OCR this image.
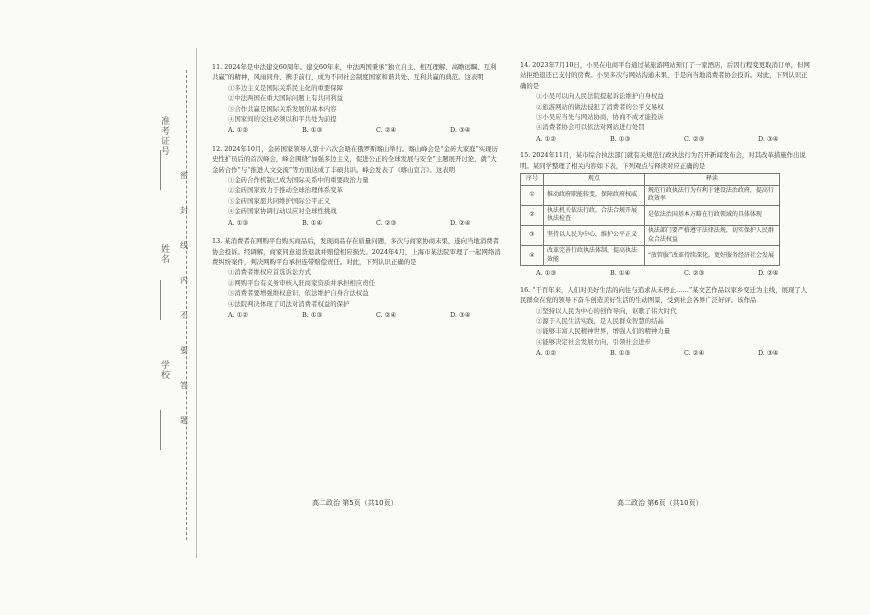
准考证号
姓名
学校
密
封
线
内
不
要
答
题
11. 2024年是中法建交60周年。建交60年来，中法两国秉承“独立自主、相互理解、高瞻远瞩、互利共赢”的精神，风雨同舟、携手前行，成为不同社会制度国家和谐共处、互利共赢的典范。这表明
①多边主义是国际关系民主化的重要保障
②中法两国在重大国际问题上有共同利益
③合作共赢是国际关系发展的基本内容
④国家间的交往必须以和平共处为前提
A. ①②	B. ①③	C. ②④	D. ③④
12. 2024年10月，金砖国家领导人第十六次会晤在俄罗斯喀山举行。喀山峰会是“金砖大家庭”实现历史性扩员后的首次峰会，峰会围绕“加强多边主义，促进公正的全球发展与安全”主题展开讨论，就“大金砖合作”与“推进人文交流”等方面达成了丰硕共识。峰会发表了《喀山宣言》。这表明
①金砖合作机制已成为国际关系中的重要政治力量
②金砖国家致力于推动全球治理体系变革
③金砖国家愿共同维护国际公平正义
④金砖国家协调行动以应对全球性挑战
A. ①③	B. ①④	C. ②③	D. ②④
13. 某消费者在网购平台购买商品后，发现商品存在质量问题，多次与商家协商未果，遂向当地消费者协会投诉。经调解，商家同意退货退款并赔偿相应损失。2024年4月，上海市某法院审理了一起网络消费纠纷案件，判决网购平台承担连带赔偿责任。对此，下列认识正确的是
①消费者维权应首选诉讼方式
②网购平台有义务审核入驻商家资质并承担相应责任
③消费者要增强维权意识，依法维护自身合法权益
④法院判决体现了司法对消费者权益的保护
A. ①②	B. ①③	C. ②④	D. ③④
14. 2023年7月10日，小吴在电商平台通过某旅游网站预订了一家酒店，后因行程变更取消订单，但网站拒绝退还已支付的房费。小吴多次与网站沟通未果，于是向当地消费者协会投诉。对此，下列认识正确的是
①小吴可以向人民法院提起诉讼维护自身权益
②旅游网站的做法侵犯了消费者的公平交易权
③小吴应当先与网站协商，协商不成才能投诉
④消费者协会可以依法对网站进行处罚
A. ①②	B. ①③	C. ②③	D. ③④
15. 2024年11月，某市综合执法部门就有关规范行政执法行为召开新闻发布会，对其改革措施作出说明。某同学整理了相关内容如下表，下列观点与释读对应正确的是
序号	观点	释读
①	推动政府职能转变，保障政府权威	规范行政执法行为有利于建设法治政府，提高行政效率
②	执法机关依法行政，合法合规开展执法检查	是依法治国基本方略在行政领域的具体体现
③	坚持以人民为中心，维护公平正义	执法部门要严格遵守法律法规，切实保护人民群众合法权益
④	改革完善行政执法体制，提高执法效能	“放管服”改革持续深化，更好服务经济社会发展
A. ①③	B. ①④	C. ②③	D. ②④
16. “千百年来，人们对美好生活的向往与追求从未停止……”某文艺作品以家乡变迁为主线，展现了人民群众在党的领导下奋斗创造美好生活的生动图景，受到社会各界广泛好评。该作品
①坚持以人民为中心的创作导向，讴歌了伟大时代
②源于人民生活实践，是人民群众智慧的结晶
③能够丰富人民精神世界，增强人们的精神力量
④能够决定社会发展方向，引领社会进步
A. ①②	B. ①③	C. ②④	D. ③④
高二政治 第5页（共10页）	高二政治 第6页（共10页）
